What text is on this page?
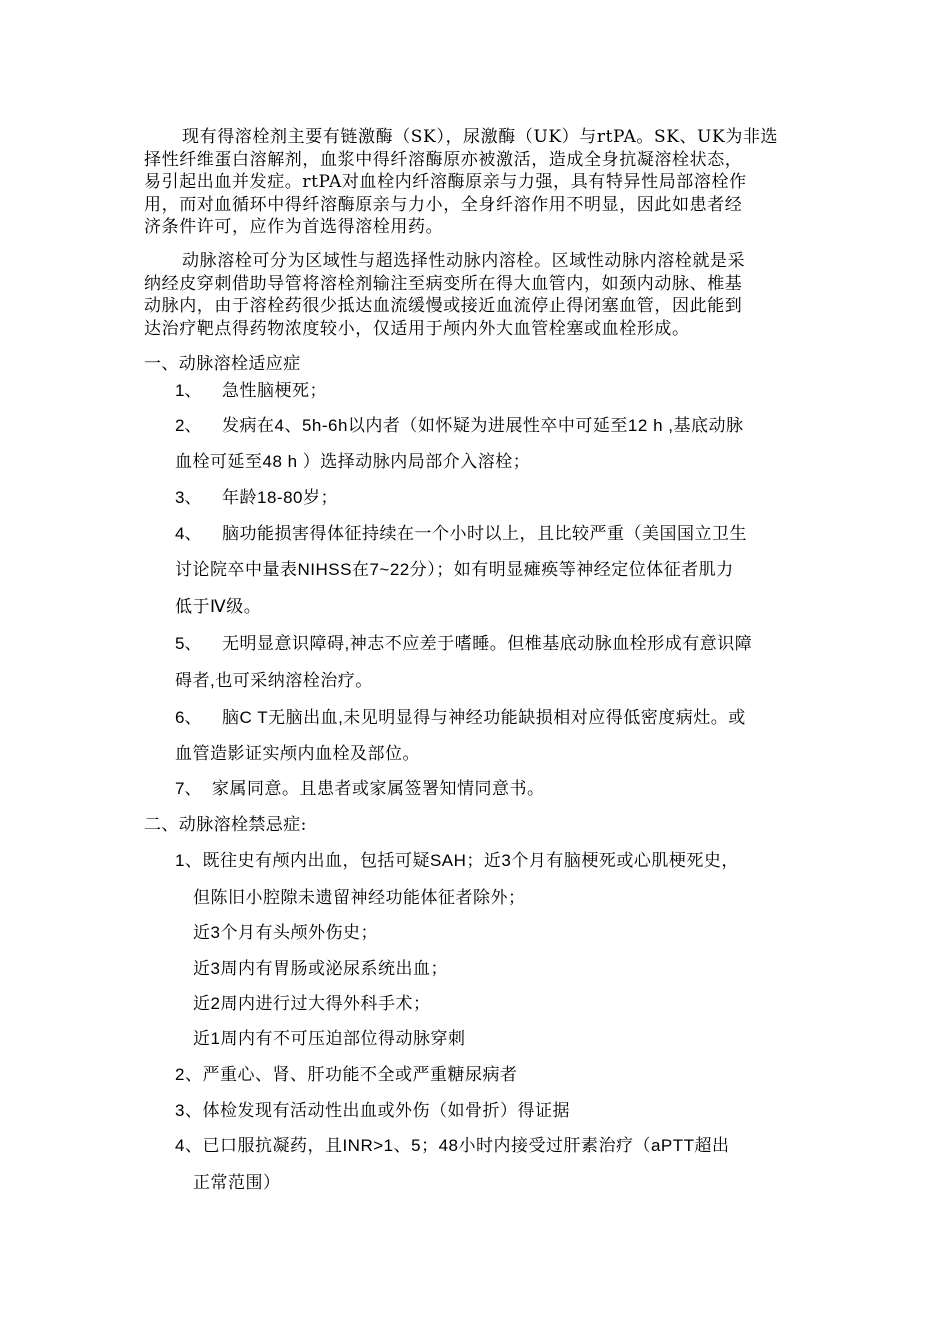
现有得溶栓剂主要有链激酶（SK），尿激酶（UK）与rtPA。SK、UK为非选
择性纤维蛋白溶解剂，血浆中得纤溶酶原亦被激活，造成全身抗凝溶栓状态，
易引起出血并发症。rtPA对血栓内纤溶酶原亲与力强，具有特异性局部溶栓作
用，而对血循环中得纤溶酶原亲与力小，全身纤溶作用不明显，因此如患者经
济条件许可，应作为首选得溶栓用药。
动脉溶栓可分为区域性与超选择性动脉内溶栓。区域性动脉内溶栓就是采
纳经皮穿刺借助导管将溶栓剂输注至病变所在得大血管内，如颈内动脉、椎基
动脉内，由于溶栓药很少抵达血流缓慢或接近血流停止得闭塞血管，因此能到
达治疗靶点得药物浓度较小，仅适用于颅内外大血管栓塞或血栓形成。
一、动脉溶栓适应症
1、 急性脑梗死；
2、 发病在4、5h-6h以内者（如怀疑为进展性卒中可延至12 h ,基底动脉
血栓可延至48 h ）选择动脉内局部介入溶栓；
3、 年龄18-80岁；
4、 脑功能损害得体征持续在一个小时以上，且比较严重（美国国立卫生
讨论院卒中量表NIHSS在7~22分）；如有明显瘫痪等神经定位体征者肌力
低于Ⅳ级。
5、 无明显意识障碍,神志不应差于嗜睡。但椎基底动脉血栓形成有意识障
碍者,也可采纳溶栓治疗。
6、 脑C T无脑出血,未见明显得与神经功能缺损相对应得低密度病灶。或
血管造影证实颅内血栓及部位。
7、 家属同意。且患者或家属签署知情同意书。
二、动脉溶栓禁忌症:
1、既往史有颅内出血，包括可疑SAH；近3个月有脑梗死或心肌梗死史，
但陈旧小腔隙未遗留神经功能体征者除外；
近3个月有头颅外伤史；
近3周内有胃肠或泌尿系统出血；
近2周内进行过大得外科手术；
近1周内有不可压迫部位得动脉穿刺
2、严重心、肾、肝功能不全或严重糖尿病者
3、体检发现有活动性出血或外伤（如骨折）得证据
4、已口服抗凝药，且INR>1、5；48小时内接受过肝素治疗（aPTT超出
正常范围）
